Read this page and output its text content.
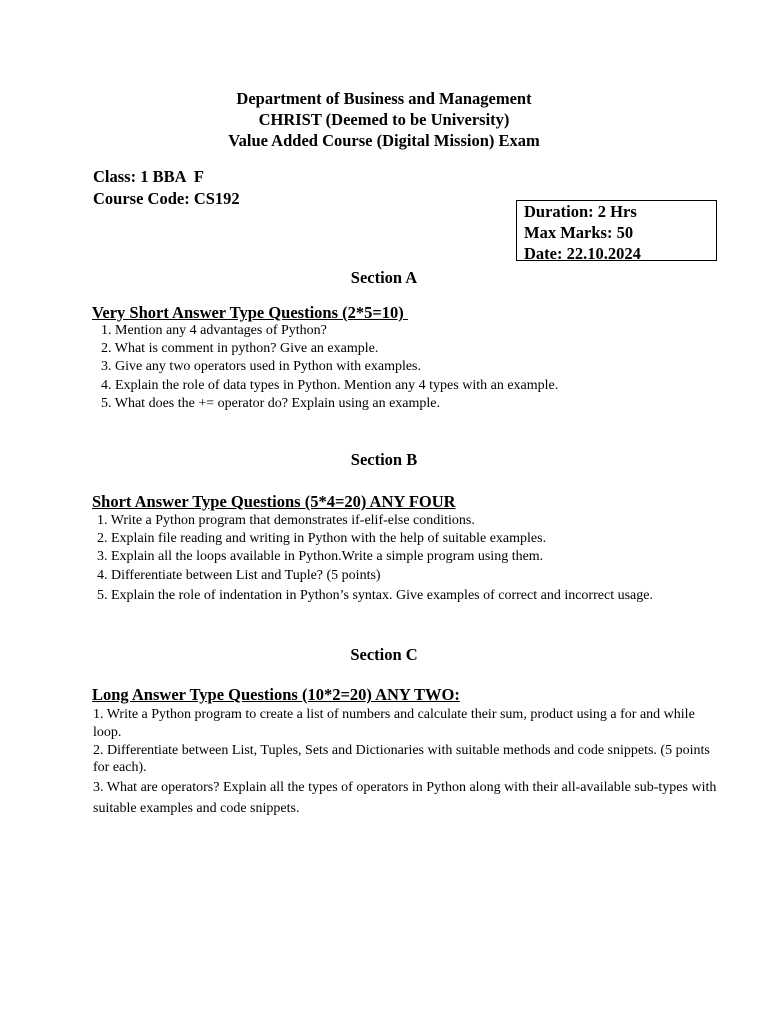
Department of Business and Management
CHRIST (Deemed to be University)
Value Added Course (Digital Mission) Exam
Class: 1 BBA  F
Course Code: CS192
Duration: 2 Hrs
Max Marks: 50
Date: 22.10.2024
Section A
Very Short Answer Type Questions (2*5=10)
1. Mention any 4 advantages of Python?
2. What is comment in python? Give an example.
3. Give any two operators used in Python with examples.
4. Explain the role of data types in Python. Mention any 4 types with an example.
5. What does the += operator do? Explain using an example.
Section B
Short Answer Type Questions (5*4=20) ANY FOUR
1. Write a Python program that demonstrates if-elif-else conditions.
2. Explain file reading and writing in Python with the help of suitable examples.
3. Explain all the loops available in Python.Write a simple program using them.
4. Differentiate between List and Tuple? (5 points)
5. Explain the role of indentation in Python’s syntax. Give examples of correct and incorrect usage.
Section C
Long Answer Type Questions (10*2=20) ANY TWO:
1. Write a Python program to create a list of numbers and calculate their sum, product using a for and while loop.
2. Differentiate between List, Tuples, Sets and Dictionaries with suitable methods and code snippets. (5 points for each).
3. What are operators? Explain all the types of operators in Python along with their all-available sub-types with suitable examples and code snippets.
